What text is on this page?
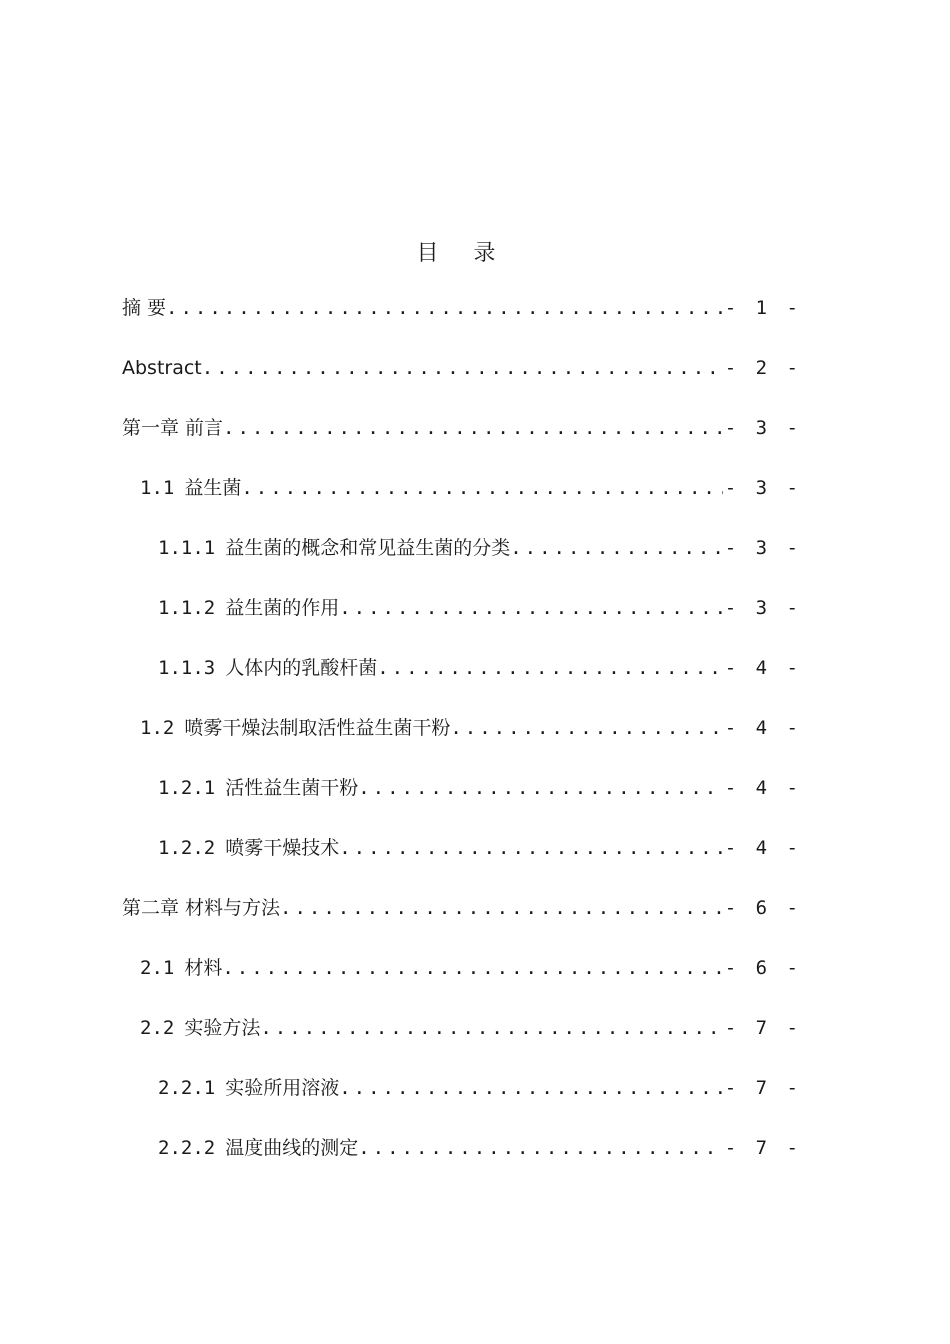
目 录
摘 要 .....	- 1 -
Abstract .....	- 2 -
第一章 前言 .....	- 3 -
1.1 益生菌 .....	- 3 -
1.1.1 益生菌的概念和常见益生菌的分类 .....	- 3 -
1.1.2 益生菌的作用 .....	- 3 -
1.1.3 人体内的乳酸杆菌 .....	- 4 -
1.2 喷雾干燥法制取活性益生菌干粉 .....	- 4 -
1.2.1 活性益生菌干粉 .....	- 4 -
1.2.2 喷雾干燥技术 .....	- 4 -
第二章 材料与方法 .....	- 6 -
2.1 材料 .....	- 6 -
2.2 实验方法 .....	- 7 -
2.2.1 实验所用溶液 .....	- 7 -
2.2.2 温度曲线的测定 .....	- 7 -
